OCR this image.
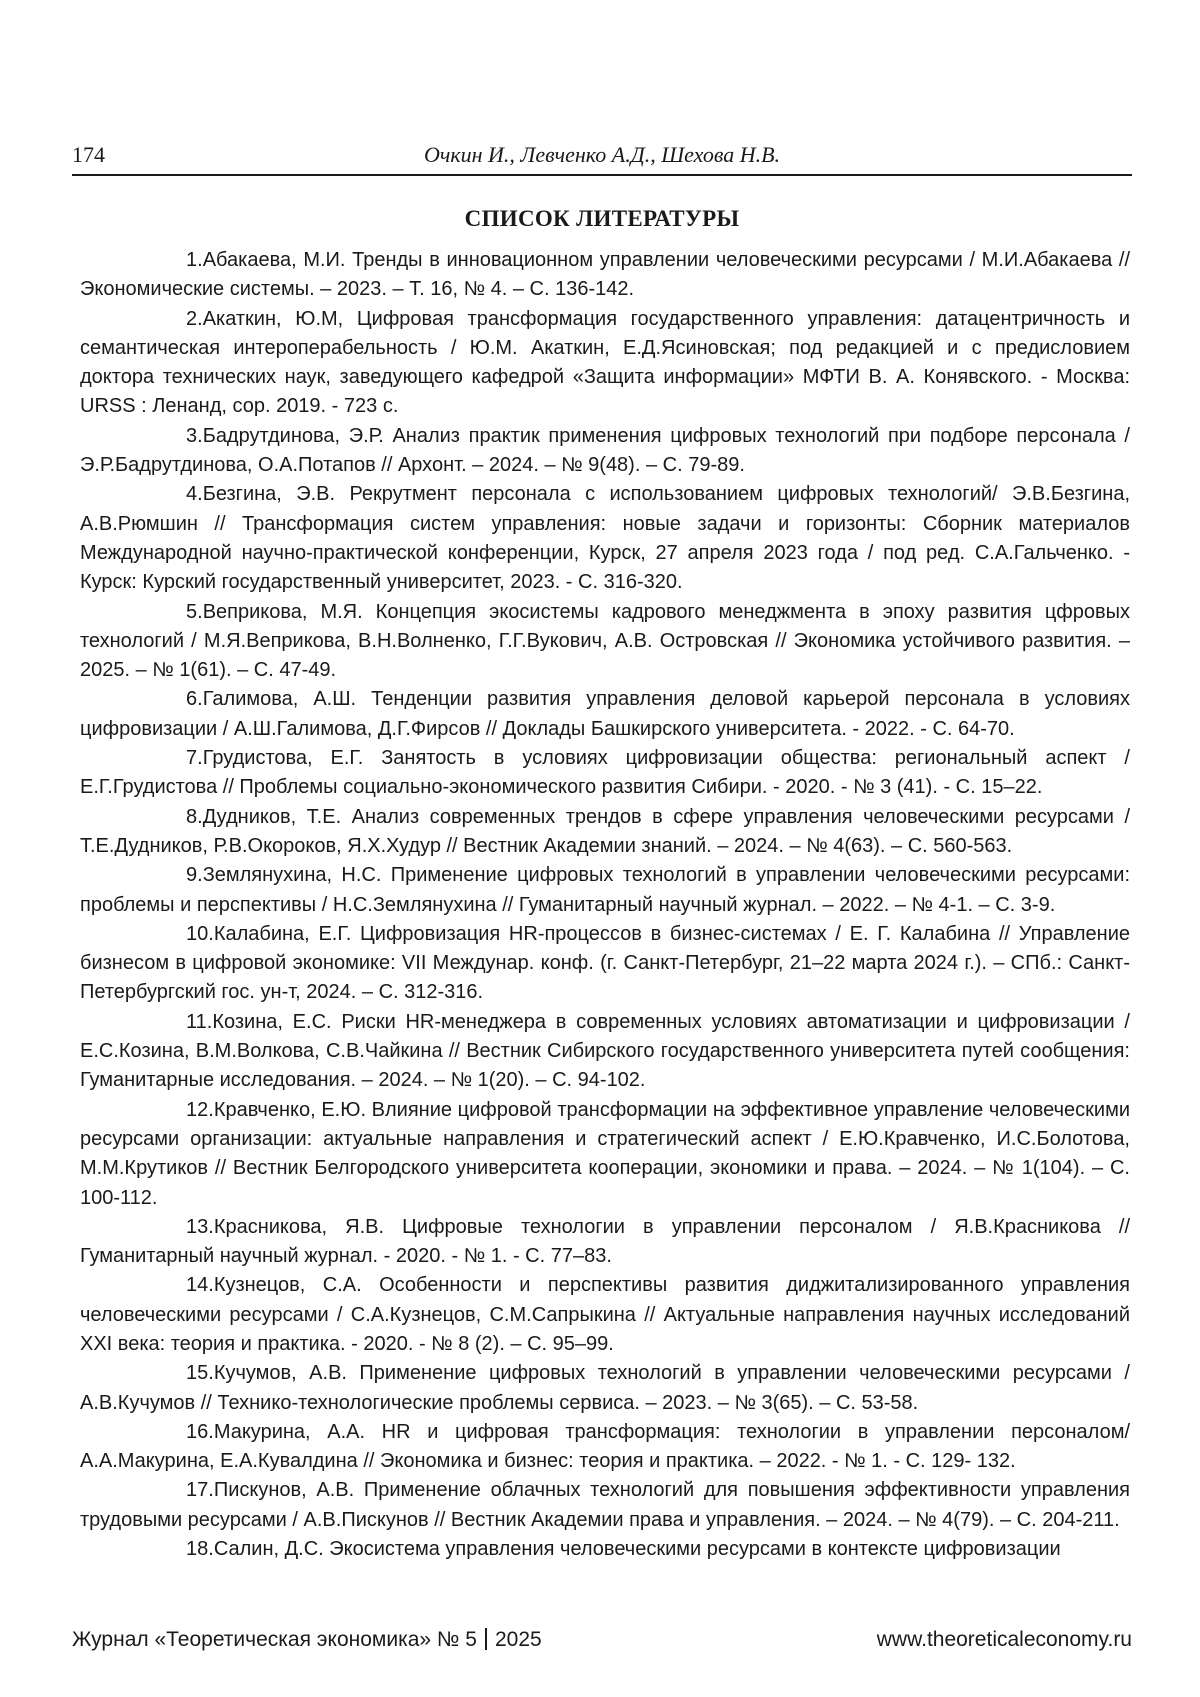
174	Очкин И., Левченко А.Д., Шехова Н.В.
СПИСОК ЛИТЕРАТУРЫ

1.Абакаева, М.И. Тренды в инновационном управлении человеческими ресурсами / М.И.Абакаева // Экономические системы. – 2023. – Т. 16, № 4. – С. 136-142.

2.Акаткин, Ю.М, Цифровая трансформация государственного управления: датацентричность и семантическая интероперабельность / Ю.М. Акаткин, Е.Д.Ясиновская; под редакцией и с предисловием доктора технических наук, заведующего кафедрой «Защита информации» МФТИ В. А. Конявского. - Москва: URSS : Ленанд, сор. 2019. - 723 с.

3.Бадрутдинова, Э.Р. Анализ практик применения цифровых технологий при подборе персонала / Э.Р.Бадрутдинова, О.А.Потапов // Архонт. – 2024. – № 9(48). – С. 79-89.

4.Безгина, Э.В. Рекрутмент персонала с использованием цифровых технологий/ Э.В.Безгина, А.В.Рюмшин // Трансформация систем управления: новые задачи и горизонты: Сборник материалов Международной научно-практической конференции, Курск, 27 апреля 2023 года / под ред. С.А.Гальченко. - Курск: Курский государственный университет, 2023. - С. 316-320.

5.Веприкова, М.Я. Концепция экосистемы кадрового менеджмента в эпоху развития цфровых технологий / М.Я.Веприкова, В.Н.Волненко, Г.Г.Вукович, А.В. Островская // Экономика устойчивого развития. – 2025. – № 1(61). – С. 47-49.

6.Галимова, А.Ш. Тенденции развития управления деловой карьерой персонала в условиях цифровизации / А.Ш.Галимова, Д.Г.Фирсов // Доклады Башкирского университета. - 2022. - С. 64-70.

7.Грудистова, Е.Г. Занятость в условиях цифровизации общества: региональный аспект / Е.Г.Грудистова // Проблемы социально-экономического развития Сибири. - 2020. - № 3 (41). - С. 15–22.

8.Дудников, Т.Е. Анализ современных трендов в сфере управления человеческими ресурсами / Т.Е.Дудников, Р.В.Окороков, Я.Х.Худур // Вестник Академии знаний. – 2024. – № 4(63). – С. 560-563.

9.Землянухина, Н.С. Применение цифровых технологий в управлении человеческими ресурсами: проблемы и перспективы / Н.С.Землянухина // Гуманитарный научный журнал. – 2022. – № 4-1. – С. 3-9.

10.Калабина, Е.Г. Цифровизация HR-процессов в бизнес-системах / Е. Г. Калабина // Управление бизнесом в цифровой экономике: VII Междунар. конф. (г. Санкт-Петербург, 21–22 марта 2024 г.). – СПб.: Санкт-Петербургский гос. ун-т, 2024. – С. 312-316.

11.Козина, Е.С. Риски HR-менеджера в современных условиях автоматизации и цифровизации / Е.С.Козина, В.М.Волкова, С.В.Чайкина // Вестник Сибирского государственного университета путей сообщения: Гуманитарные исследования. – 2024. – № 1(20). – С. 94-102.

12.Кравченко, Е.Ю. Влияние цифровой трансформации на эффективное управление человеческими ресурсами организации: актуальные направления и стратегический аспект / Е.Ю.Кравченко, И.С.Болотова, М.М.Крутиков // Вестник Белгородского университета кооперации, экономики и права. – 2024. – № 1(104). – С. 100-112.

13.Красникова, Я.В. Цифровые технологии в управлении персоналом / Я.В.Красникова // Гуманитарный научный журнал. - 2020. - № 1. - С. 77–83.

14.Кузнецов, С.А. Особенности и перспективы развития диджитализированного управления человеческими ресурсами / С.А.Кузнецов, С.М.Сапрыкина // Актуальные направления научных исследований XXI века: теория и практика. - 2020. - № 8 (2). – С. 95–99.

15.Кучумов, А.В. Применение цифровых технологий в управлении человеческими ресурсами / А.В.Кучумов // Технико-технологические проблемы сервиса. – 2023. – № 3(65). – С. 53-58.

16.Макурина, А.А. HR и цифровая трансформация: технологии в управлении персоналом/ А.А.Макурина, Е.А.Кувалдина // Экономика и бизнес: теория и практика. – 2022. - № 1. - С. 129- 132.

17.Пискунов, А.В. Применение облачных технологий для повышения эффективности управления трудовыми ресурсами / А.В.Пискунов // Вестник Академии права и управления. – 2024. – № 4(79). – С. 204-211.

18.Салин, Д.С. Экосистема управления человеческими ресурсами в контексте цифровизации

Журнал «Теоретическая экономика» № 5 2025	www.theoreticaleconomy.ru
